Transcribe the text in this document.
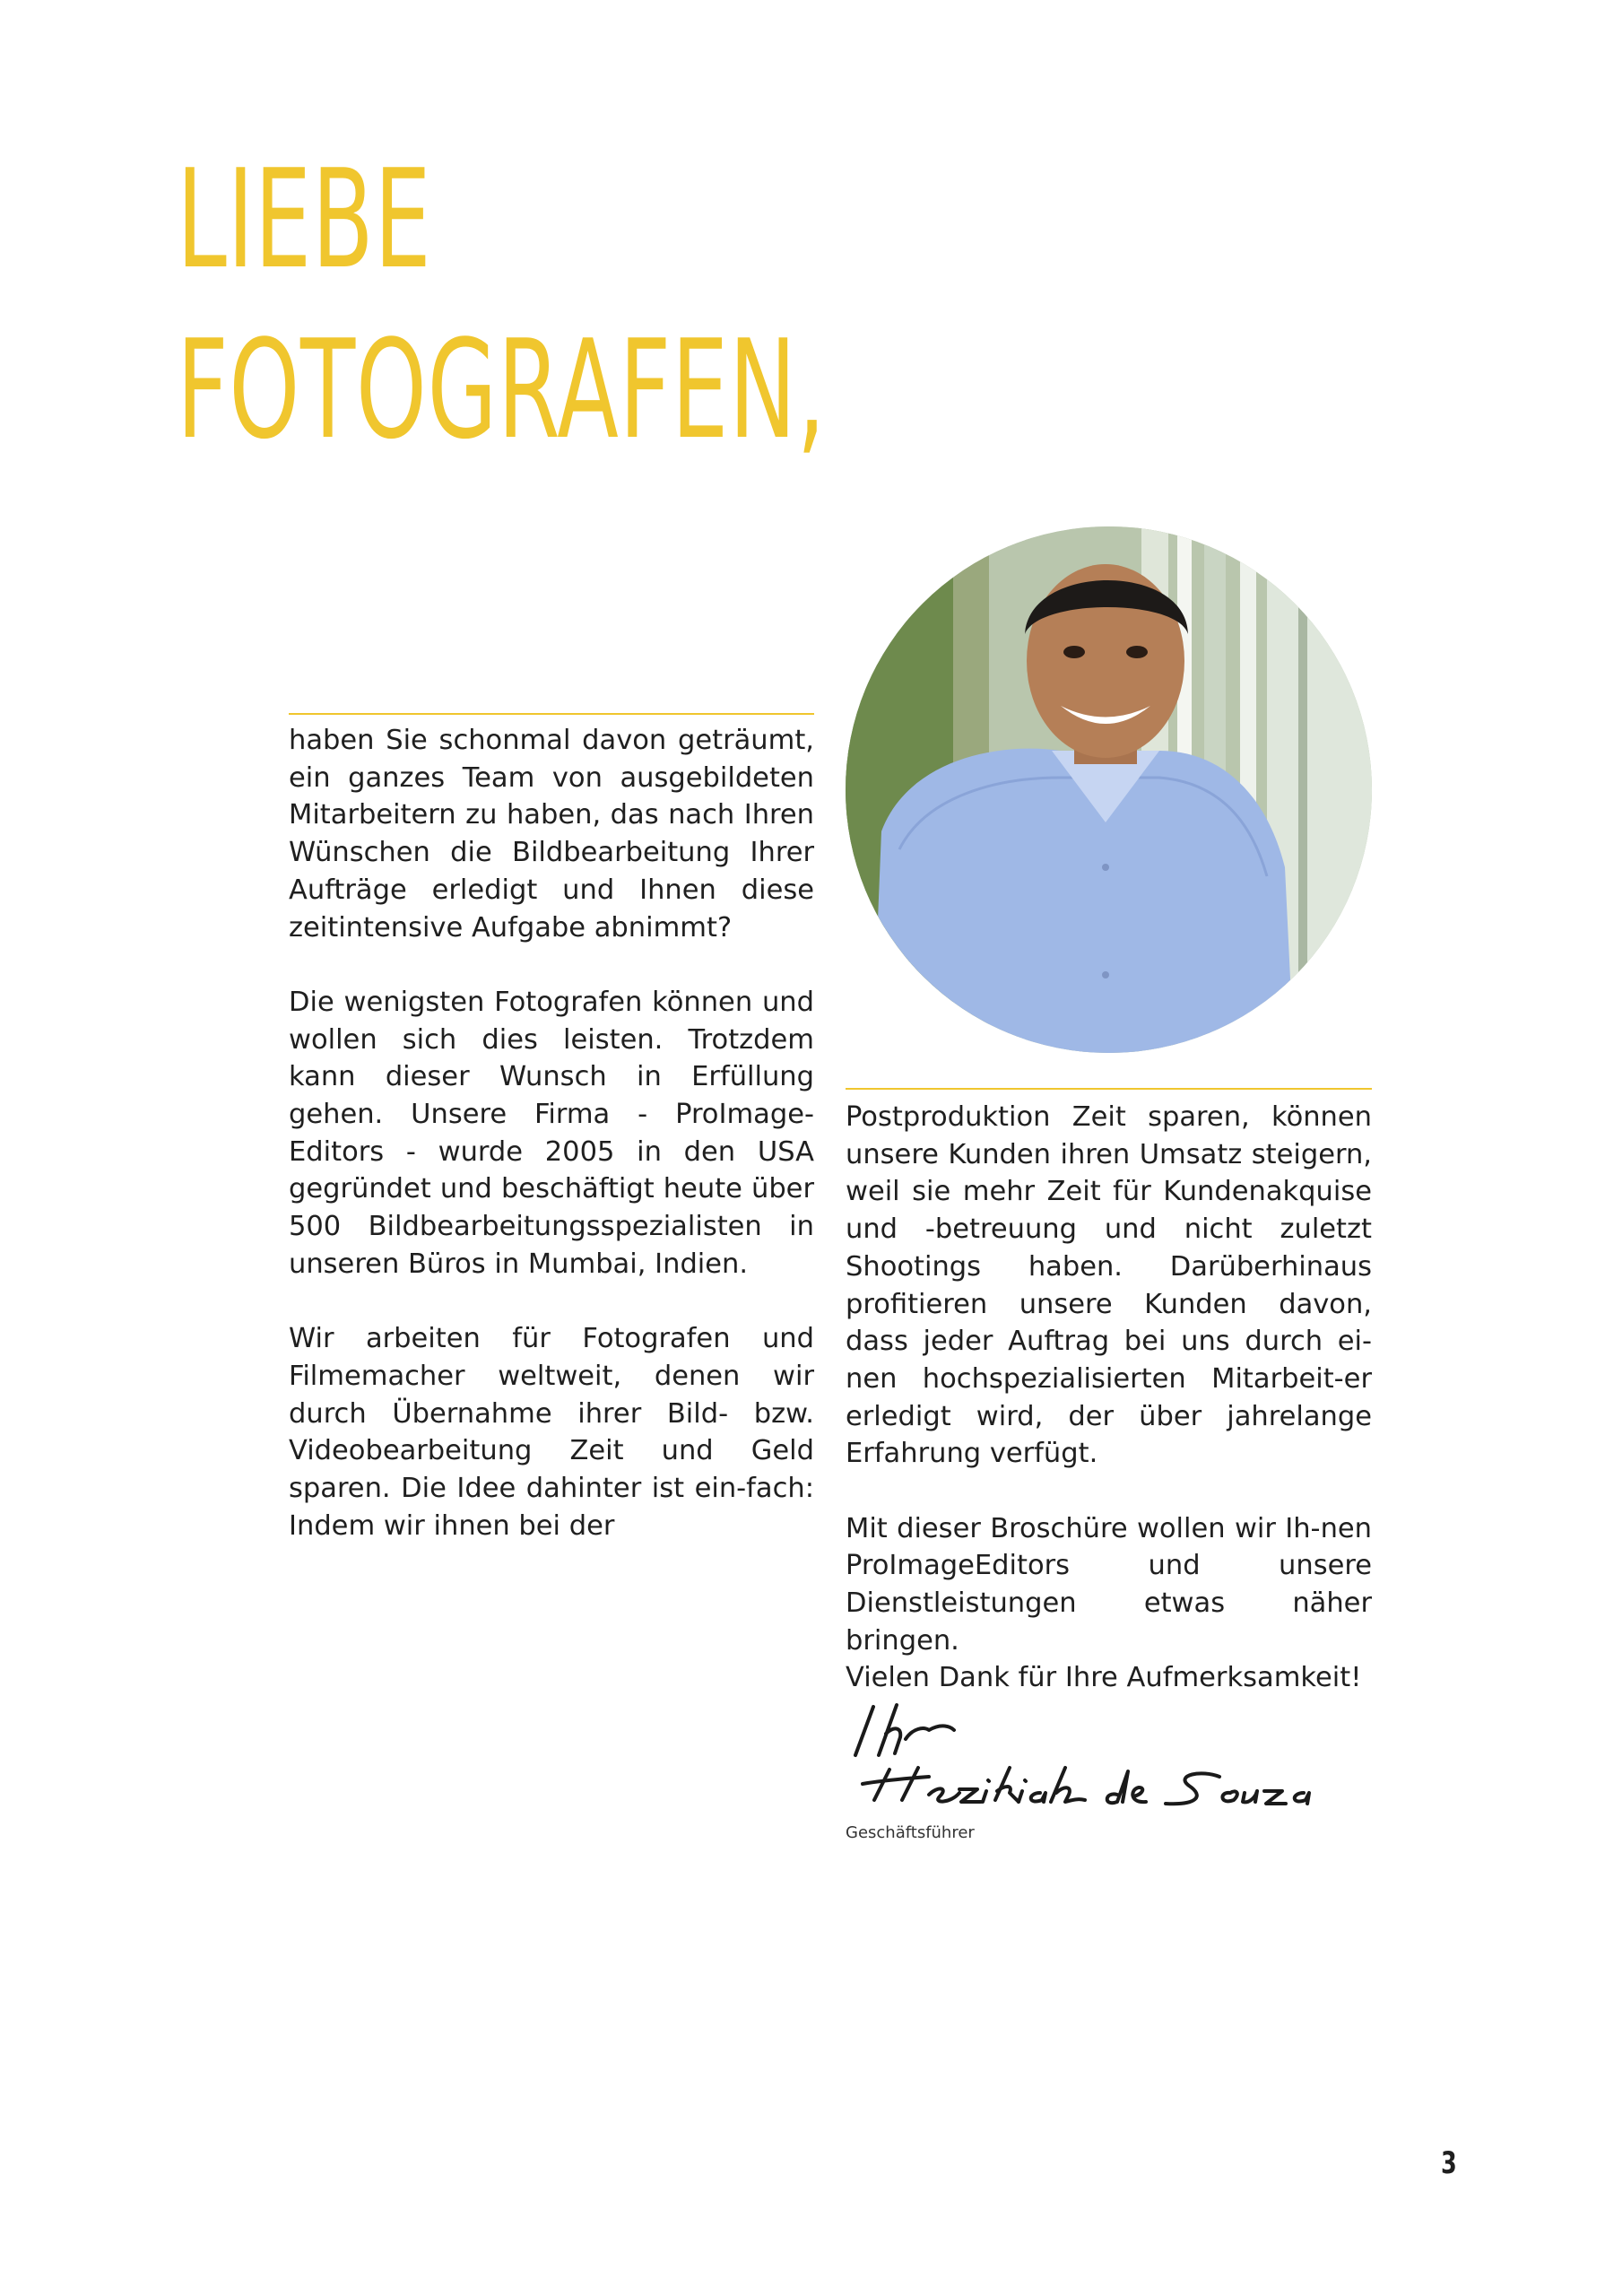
LIEBE
FOTOGRAFEN,

haben Sie schonmal davon geträumt, ein ganzes Team von ausgebildeten Mitarbeitern zu haben, das nach Ihren Wünschen die Bildbearbeitung Ihrer Aufträge erledigt und Ihnen diese zeitintensive Aufgabe abnimmt?

Die wenigsten Fotografen können und wollen sich dies leisten. Trotzdem kann dieser Wunsch in Erfüllung gehen. Unsere Firma - ProImage-Editors - wurde 2005 in den USA gegründet und beschäftigt heute über 500 Bildbearbeitungsspezialisten in unseren Büros in Mumbai, Indien.

Wir arbeiten für Fotografen und Filmemacher weltweit, denen wir durch Übernahme ihrer Bild- bzw. Videobearbeitung Zeit und Geld sparen. Die Idee dahinter ist ein-fach: Indem wir ihnen bei der

Postproduktion Zeit sparen, können unsere Kunden ihren Umsatz steigern, weil sie mehr Zeit für Kundenakquise und -betreuung und nicht zuletzt Shootings haben. Darüberhinaus profitieren unsere Kunden davon, dass jeder Auftrag bei uns durch ei-nen hochspezialisierten Mitarbeit-er erledigt wird, der über jahrelange Erfahrung verfügt.

Mit dieser Broschüre wollen wir Ih-nen ProImageEditors und unsere Dienstleistungen etwas näher bringen.

Vielen Dank für Ihre Aufmerksamkeit!
Geschäftsführer
3
